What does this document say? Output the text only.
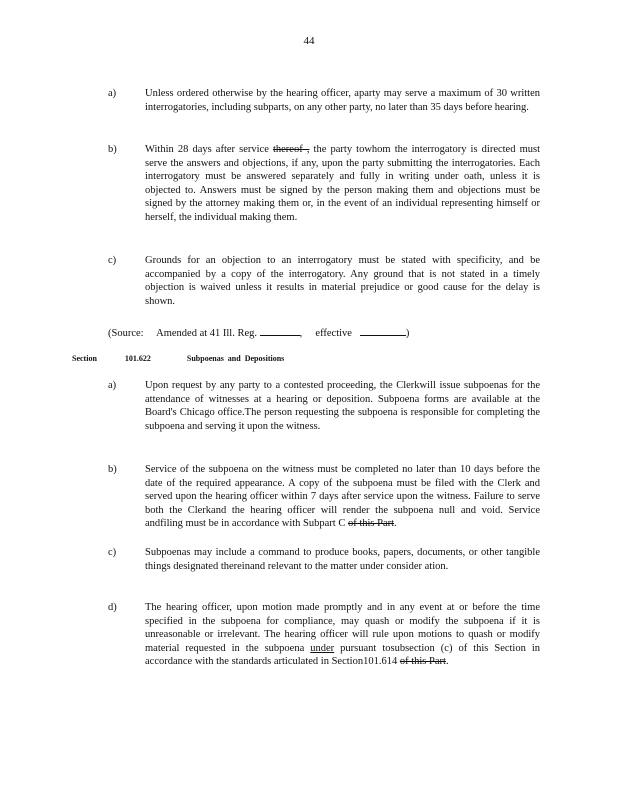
44
a)	Unless ordered otherwise by the hearing officer, aparty may serve a maximum of 30 written interrogatories, including subparts, on any other party, no later than 35 days before hearing.
b)	Within 28 days after service thereof , the party towhom the interrogatory is directed must serve the answers and objections, if any, upon the party submitting the interrogatories. Each interrogatory must be answered separately and fully in writing under oath, unless it is objected to. Answers must be signed by the person making them and objections must be signed by the attorney making them or, in the event of an individual representing himself or herself, the individual making them.
c)	Grounds for an objection to an interrogatory must be stated with specificity, and be accompanied by a copy of the interrogatory. Any ground that is not stated in a timely objection is waived unless it results in material prejudice or good cause for the delay is shown.
(Source: Amended at 41 Ill. Reg.	, effective	)
Section	101.622	Subpoenas and Depositions
a)	Upon request by any party to a contested proceeding, the Clerkwill issue subpoenas for the attendance of witnesses at a hearing or deposition. Subpoena forms are available at the Board's Chicago office.The person requesting the subpoena is responsible for completing the subpoena and serving it upon the witness.
b)	Service of the subpoena on the witness must be completed no later than 10 days before the date of the required appearance. A copy of the subpoena must be filed with the Clerk and served upon the hearing officer within 7 days after service upon the witness. Failure to serve both the Clerkand the hearing officer will render the subpoena null and void. Service andfiling must be in accordance with Subpart C of this Part.
c)	Subpoenas may include a command to produce books, papers, documents, or other tangible things designated thereinand relevant to the matter under consider ation.
d)	The hearing officer, upon motion made promptly and in any event at or before the time specified in the subpoena for compliance, may quash or modify the subpoena if it is unreasonable or irrelevant. The hearing officer will rule upon motions to quash or modify material requested in the subpoena under pursuant tosubsection (c) of this Section in accordance with the standards articulated in Section101.614 of this Part.
